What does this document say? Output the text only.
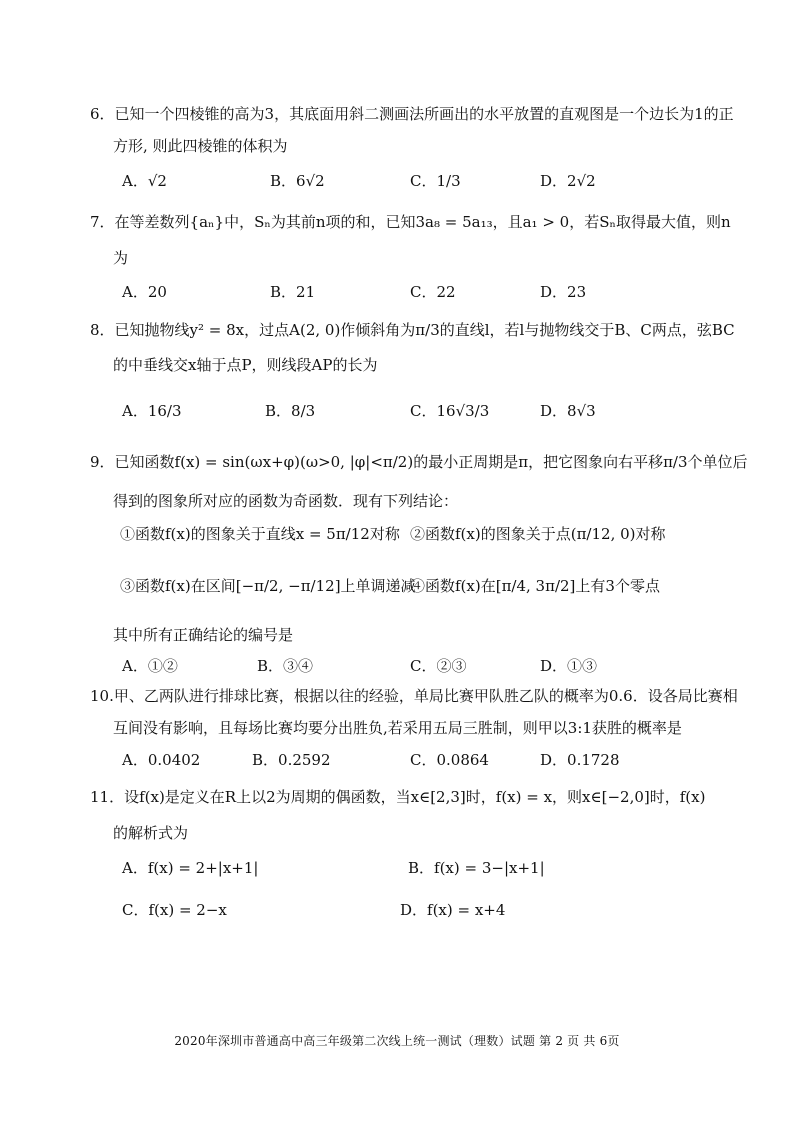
6．已知一个四棱锥的高为3，其底面用斜二测画法所画出的水平放置的直观图是一个边长为1的正
方形, 则此四棱锥的体积为
A．√2	B．6√2	C．1/3	D．2√2
7．在等差数列{aₙ}中，Sₙ为其前n项的和，已知3a₈ = 5a₁₃，且a₁ > 0，若Sₙ取得最大值，则n
为
A．20	B．21	C．22	D．23
8．已知抛物线y² = 8x，过点A(2, 0)作倾斜角为π/3的直线l，若l与抛物线交于B、C两点，弦BC
的中垂线交x轴于点P，则线段AP的长为
A．16/3	B．8/3	C．16√3/3	D．8√3
9．已知函数f(x) = sin(ωx+φ)(ω>0, |φ|<π/2)的最小正周期是π，把它图象向右平移π/3个单位后
得到的图象所对应的函数为奇函数．现有下列结论：
①函数f(x)的图象关于直线x = 5π/12对称 ②函数f(x)的图象关于点(π/12, 0)对称
③函数f(x)在区间[−π/2, −π/12]上单调递减
④函数f(x)在[π/4, 3π/2]上有3个零点
其中所有正确结论的编号是
A．①②	B．③④	C．②③	D．①③
10.甲、乙两队进行排球比赛，根据以往的经验，单局比赛甲队胜乙队的概率为0.6．设各局比赛相
互间没有影响，且每场比赛均要分出胜负,若采用五局三胜制，则甲以3:1获胜的概率是
A．0.0402	B．0.2592	C．0.0864	D．0.1728
11．设f(x)是定义在R上以2为周期的偶函数，当x∈[2,3]时，f(x) = x，则x∈[−2,0]时，f(x)
的解析式为
A．f(x) = 2+|x+1|	B．f(x) = 3−|x+1|
C．f(x) = 2−x	D．f(x) = x+4
2020年深圳市普通高中高三年级第二次线上统一测试（理数）试题 第 2 页 共 6页
